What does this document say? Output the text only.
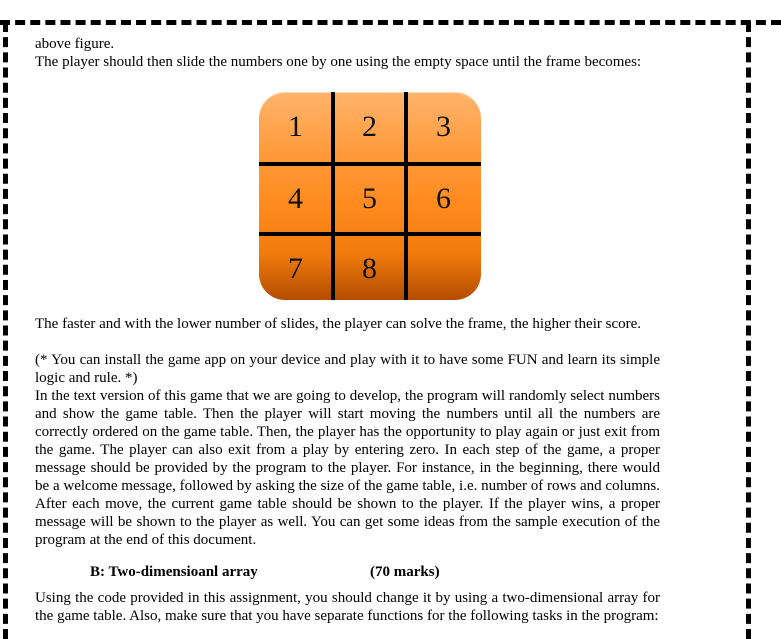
above figure.

The player should then slide the numbers one by one using the empty space until the frame becomes:

1	2	3
4	5	6
7	8

The faster and with the lower number of slides, the player can solve the frame, the higher their score.

(* You can install the game app on your device and play with it to have some FUN and learn its simple logic and rule. *)

In the text version of this game that we are going to develop, the program will randomly select numbers and show the game table. Then the player will start moving the numbers until all the numbers are correctly ordered on the game table. Then, the player has the opportunity to play again or just exit from the game. The player can also exit from a play by entering zero. In each step of the game, a proper message should be provided by the program to the player. For instance, in the beginning, there would be a welcome message, followed by asking the size of the game table, i.e. number of rows and columns. After each move, the current game table should be shown to the player. If the player wins, a proper message will be shown to the player as well. You can get some ideas from the sample execution of the program at the end of this document.

B: Two-dimensioanl array	(70 marks)

Using the code provided in this assignment, you should change it by using a two-dimensional array for the game table. Also, make sure that you have separate functions for the following tasks in the program:
